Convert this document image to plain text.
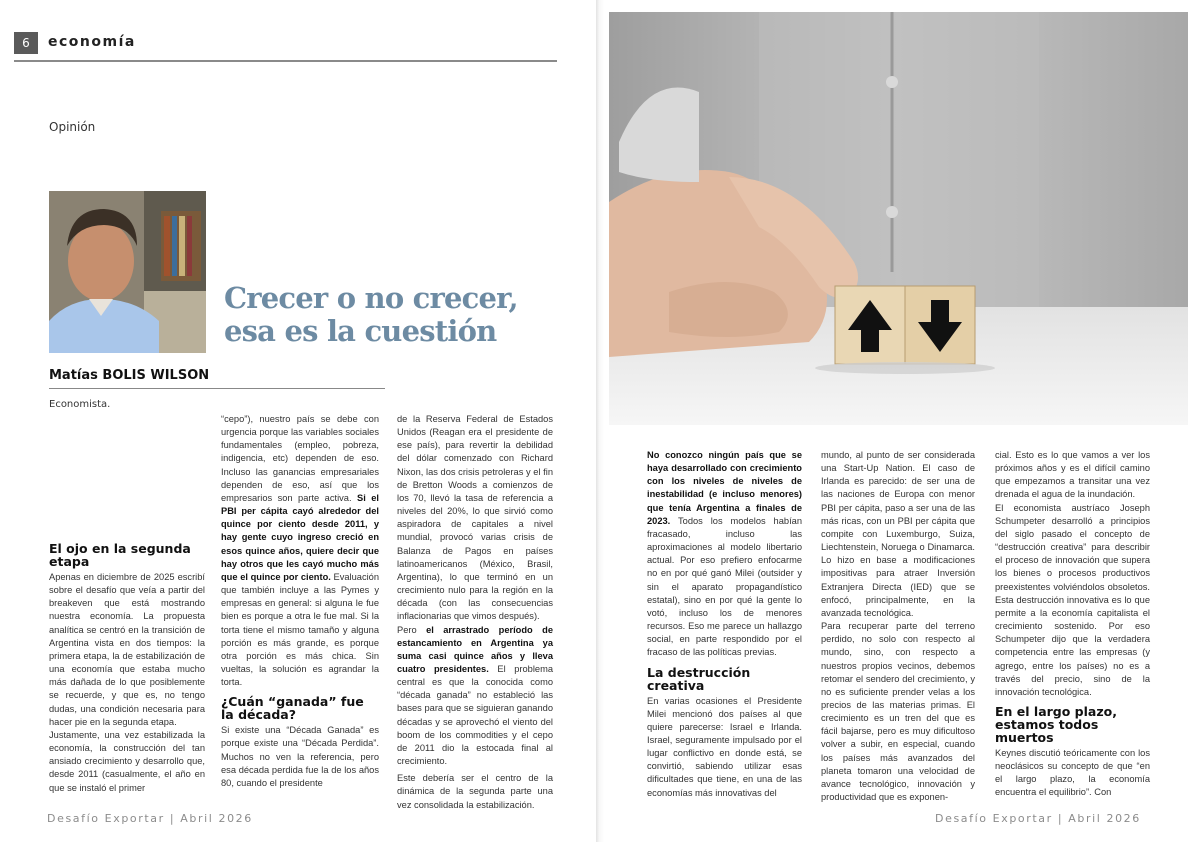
6	economía
Opinión
Crecer o no crecer,
esa es la cuestión
Matías BOLIS WILSON
Economista.
El ojo en la segunda etapa

Apenas en diciembre de 2025 escribí sobre el desafío que veía a partir del breakeven que está mostrando nuestra economía. La propuesta analítica se centró en la transición de Argentina vista en dos tiempos: la primera etapa, la de estabilización de una economía que estaba mucho más dañada de lo que posiblemente se recuerde, y que es, no tengo dudas, una condición necesaria para hacer pie en la segunda etapa.

Justamente, una vez estabilizada la economía, la construcción del tan ansiado crecimiento y desarrollo que, desde 2011 (casualmente, el año en que se instaló el primer

“cepo”), nuestro país se debe con urgencia porque las variables sociales fundamentales (empleo, pobreza, indigencia, etc) dependen de eso. Incluso las ganancias empresariales dependen de eso, así que los empresarios son parte activa. Si el PBI per cápita cayó alrededor del quince por ciento desde 2011, y hay gente cuyo ingreso creció en esos quince años, quiere decir que hay otros que les cayó mucho más que el quince por ciento. Evaluación que también incluye a las Pymes y empresas en general: si alguna le fue bien es porque a otra le fue mal. Si la torta tiene el mismo tamaño y alguna porción es más grande, es porque otra porción es más chica. Sin vueltas, la solución es agrandar la torta.

¿Cuán “ganada” fue la década?

Si existe una “Década Ganada” es porque existe una “Década Perdida”. Muchos no ven la referencia, pero esa década perdida fue la de los años 80, cuando el presidente

de la Reserva Federal de Estados Unidos (Reagan era el presidente de ese país), para revertir la debilidad del dólar comenzado con Richard Nixon, las dos crisis petroleras y el fin de Bretton Woods a comienzos de los 70, llevó la tasa de referencia a niveles del 20%, lo que sirvió como aspiradora de capitales a nivel mundial, provocó varias crisis de Balanza de Pagos en países latinoamericanos (México, Brasil, Argentina), lo que terminó en un crecimiento nulo para la región en la década (con las consecuencias inflacionarias que vimos después).

Pero el arrastrado período de estancamiento en Argentina ya suma casi quince años y lleva cuatro presidentes. El problema central es que la conocida como “década ganada” no estableció las bases para que se siguieran ganando décadas y se aprovechó el viento del boom de los commodities y el cepo de 2011 dio la estocada final al crecimiento.

Este debería ser el centro de la dinámica de la segunda parte una vez consolidada la estabilización.

No conozco ningún país que se haya desarrollado con crecimiento con los niveles de niveles de inestabilidad (e incluso menores) que tenía Argentina a finales de 2023. Todos los modelos habían fracasado, incluso las aproximaciones al modelo libertario actual. Por eso prefiero enfocarme no en por qué ganó Milei (outsider y sin el aparato propagandístico estatal), sino en por qué la gente lo votó, incluso los de menores recursos. Eso me parece un hallazgo social, en parte respondido por el fracaso de las políticas previas.

La destrucción creativa

En varias ocasiones el Presidente Milei mencionó dos países al que quiere parecerse: Israel e Irlanda. Israel, seguramente impulsado por el lugar conflictivo en donde está, se convirtió, sabiendo utilizar esas dificultades que tiene, en una de las economías más innovativas del

mundo, al punto de ser considerada una Start-Up Nation. El caso de Irlanda es parecido: de ser una de las naciones de Europa con menor PBI per cápita, paso a ser una de las más ricas, con un PBI per cápita que compite con Luxemburgo, Suiza, Liechtenstein, Noruega o Dinamarca. Lo hizo en base a modificaciones impositivas para atraer Inversión Extranjera Directa (IED) que se enfocó, principalmente, en la avanzada tecnológica.

Para recuperar parte del terreno perdido, no solo con respecto al mundo, sino, con respecto a nuestros propios vecinos, debemos retomar el sendero del crecimiento, y no es suficiente prender velas a los precios de las materias primas. El crecimiento es un tren del que es fácil bajarse, pero es muy dificultoso volver a subir, en especial, cuando los países más avanzados del planeta tomaron una velocidad de avance tecnológico, innovación y productividad que es exponen-

cial. Esto es lo que vamos a ver los próximos años y es el difícil camino que empezamos a transitar una vez drenada el agua de la inundación.

El economista austríaco Joseph Schumpeter desarrolló a principios del siglo pasado el concepto de “destrucción creativa” para describir el proceso de innovación que supera los bienes o procesos productivos preexistentes volviéndolos obsoletos. Esta destrucción innovativa es lo que permite a la economía capitalista el crecimiento sostenido. Por eso Schumpeter dijo que la verdadera competencia entre las empresas (y agrego, entre los países) no es a través del precio, sino de la innovación tecnológica.

En el largo plazo, estamos todos muertos

Keynes discutió teóricamente con los neoclásicos su concepto de que “en el largo plazo, la economía encuentra el equilibrio”. Con

Desafío Exportar | Abril 2026	Desafío Exportar | Abril 2026
